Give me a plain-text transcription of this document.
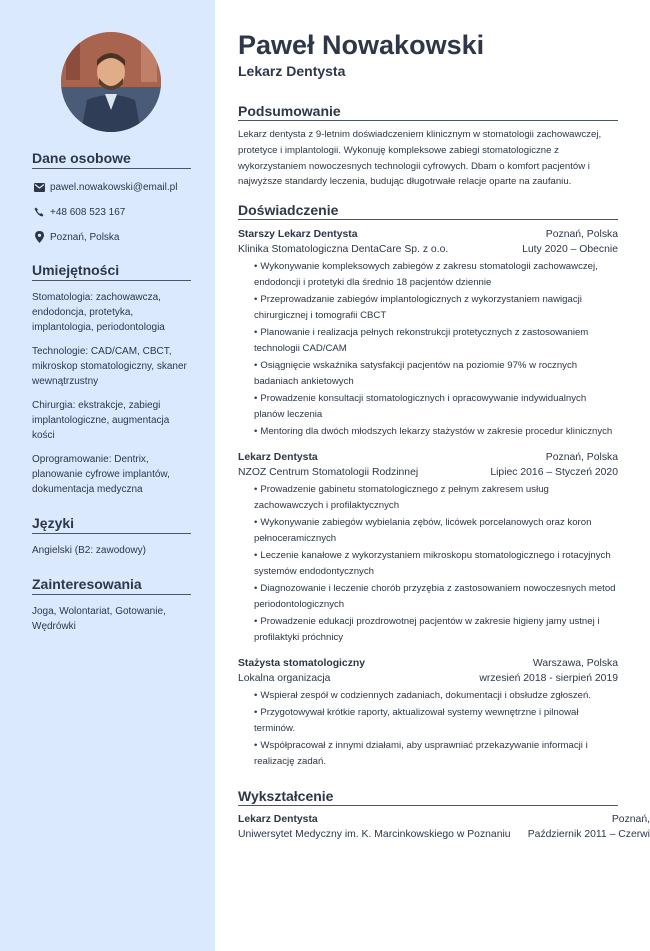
Dane osobowe
pawel.nowakowski@email.pl
+48 608 523 167
Poznań, Polska
Umiejętności
Stomatologia: zachowawcza, endodoncja, protetyka, implantologia, periodontologia
Technologie: CAD/CAM, CBCT, mikroskop stomatologiczny, skaner wewnątrzustny
Chirurgia: ekstrakcje, zabiegi implantologiczne, augmentacja kości
Oprogramowanie: Dentrix, planowanie cyfrowe implantów, dokumentacja medyczna
Języki
Angielski (B2: zawodowy)
Zainteresowania
Joga, Wolontariat, Gotowanie, Wędrówki
Paweł Nowakowski
Lekarz Dentysta
Podsumowanie

Lekarz dentysta z 9-letnim doświadczeniem klinicznym w stomatologii zachowawczej, protetyce i implantologii. Wykonuję kompleksowe zabiegi stomatologiczne z wykorzystaniem nowoczesnych technologii cyfrowych. Dbam o komfort pacjentów i najwyższe standardy leczenia, budując długotrwałe relacje oparte na zaufaniu.

Doświadczenie
Starszy Lekarz Dentysta	Poznań, Polska
Klinika Stomatologiczna DentaCare Sp. z o.o.	Luty 2020 – Obecnie
• Wykonywanie kompleksowych zabiegów z zakresu stomatologii zachowawczej, endodoncji i protetyki dla średnio 18 pacjentów dziennie
• Przeprowadzanie zabiegów implantologicznych z wykorzystaniem nawigacji chirurgicznej i tomografii CBCT
• Planowanie i realizacja pełnych rekonstrukcji protetycznych z zastosowaniem technologii CAD/CAM
• Osiągnięcie wskaźnika satysfakcji pacjentów na poziomie 97% w rocznych badaniach ankietowych
• Prowadzenie konsultacji stomatologicznych i opracowywanie indywidualnych planów leczenia
• Mentoring dla dwóch młodszych lekarzy stażystów w zakresie procedur klinicznych
Lekarz Dentysta	Poznań, Polska
NZOZ Centrum Stomatologii Rodzinnej	Lipiec 2016 – Styczeń 2020
• Prowadzenie gabinetu stomatologicznego z pełnym zakresem usług zachowawczych i profilaktycznych
• Wykonywanie zabiegów wybielania zębów, licówek porcelanowych oraz koron pełnoceramicznych
• Leczenie kanałowe z wykorzystaniem mikroskopu stomatologicznego i rotacyjnych systemów endodontycznych
• Diagnozowanie i leczenie chorób przyzębia z zastosowaniem nowoczesnych metod periodontologicznych
• Prowadzenie edukacji prozdrowotnej pacjentów w zakresie higieny jamy ustnej i profilaktyki próchnicy
Stażysta stomatologiczny	Warszawa, Polska
Lokalna organizacja	wrzesień 2018 - sierpień 2019
• Wspierał zespół w codziennych zadaniach, dokumentacji i obsłudze zgłoszeń.
• Przygotowywał krótkie raporty, aktualizował systemy wewnętrzne i pilnował terminów.
• Współpracował z innymi działami, aby usprawniać przekazywanie informacji i realizację zadań.
Wykształcenie
Lekarz Dentysta	Poznań,
Uniwersytet Medyczny im. K. Marcinkowskiego w Poznaniu Październik 2011 – Czerwi
